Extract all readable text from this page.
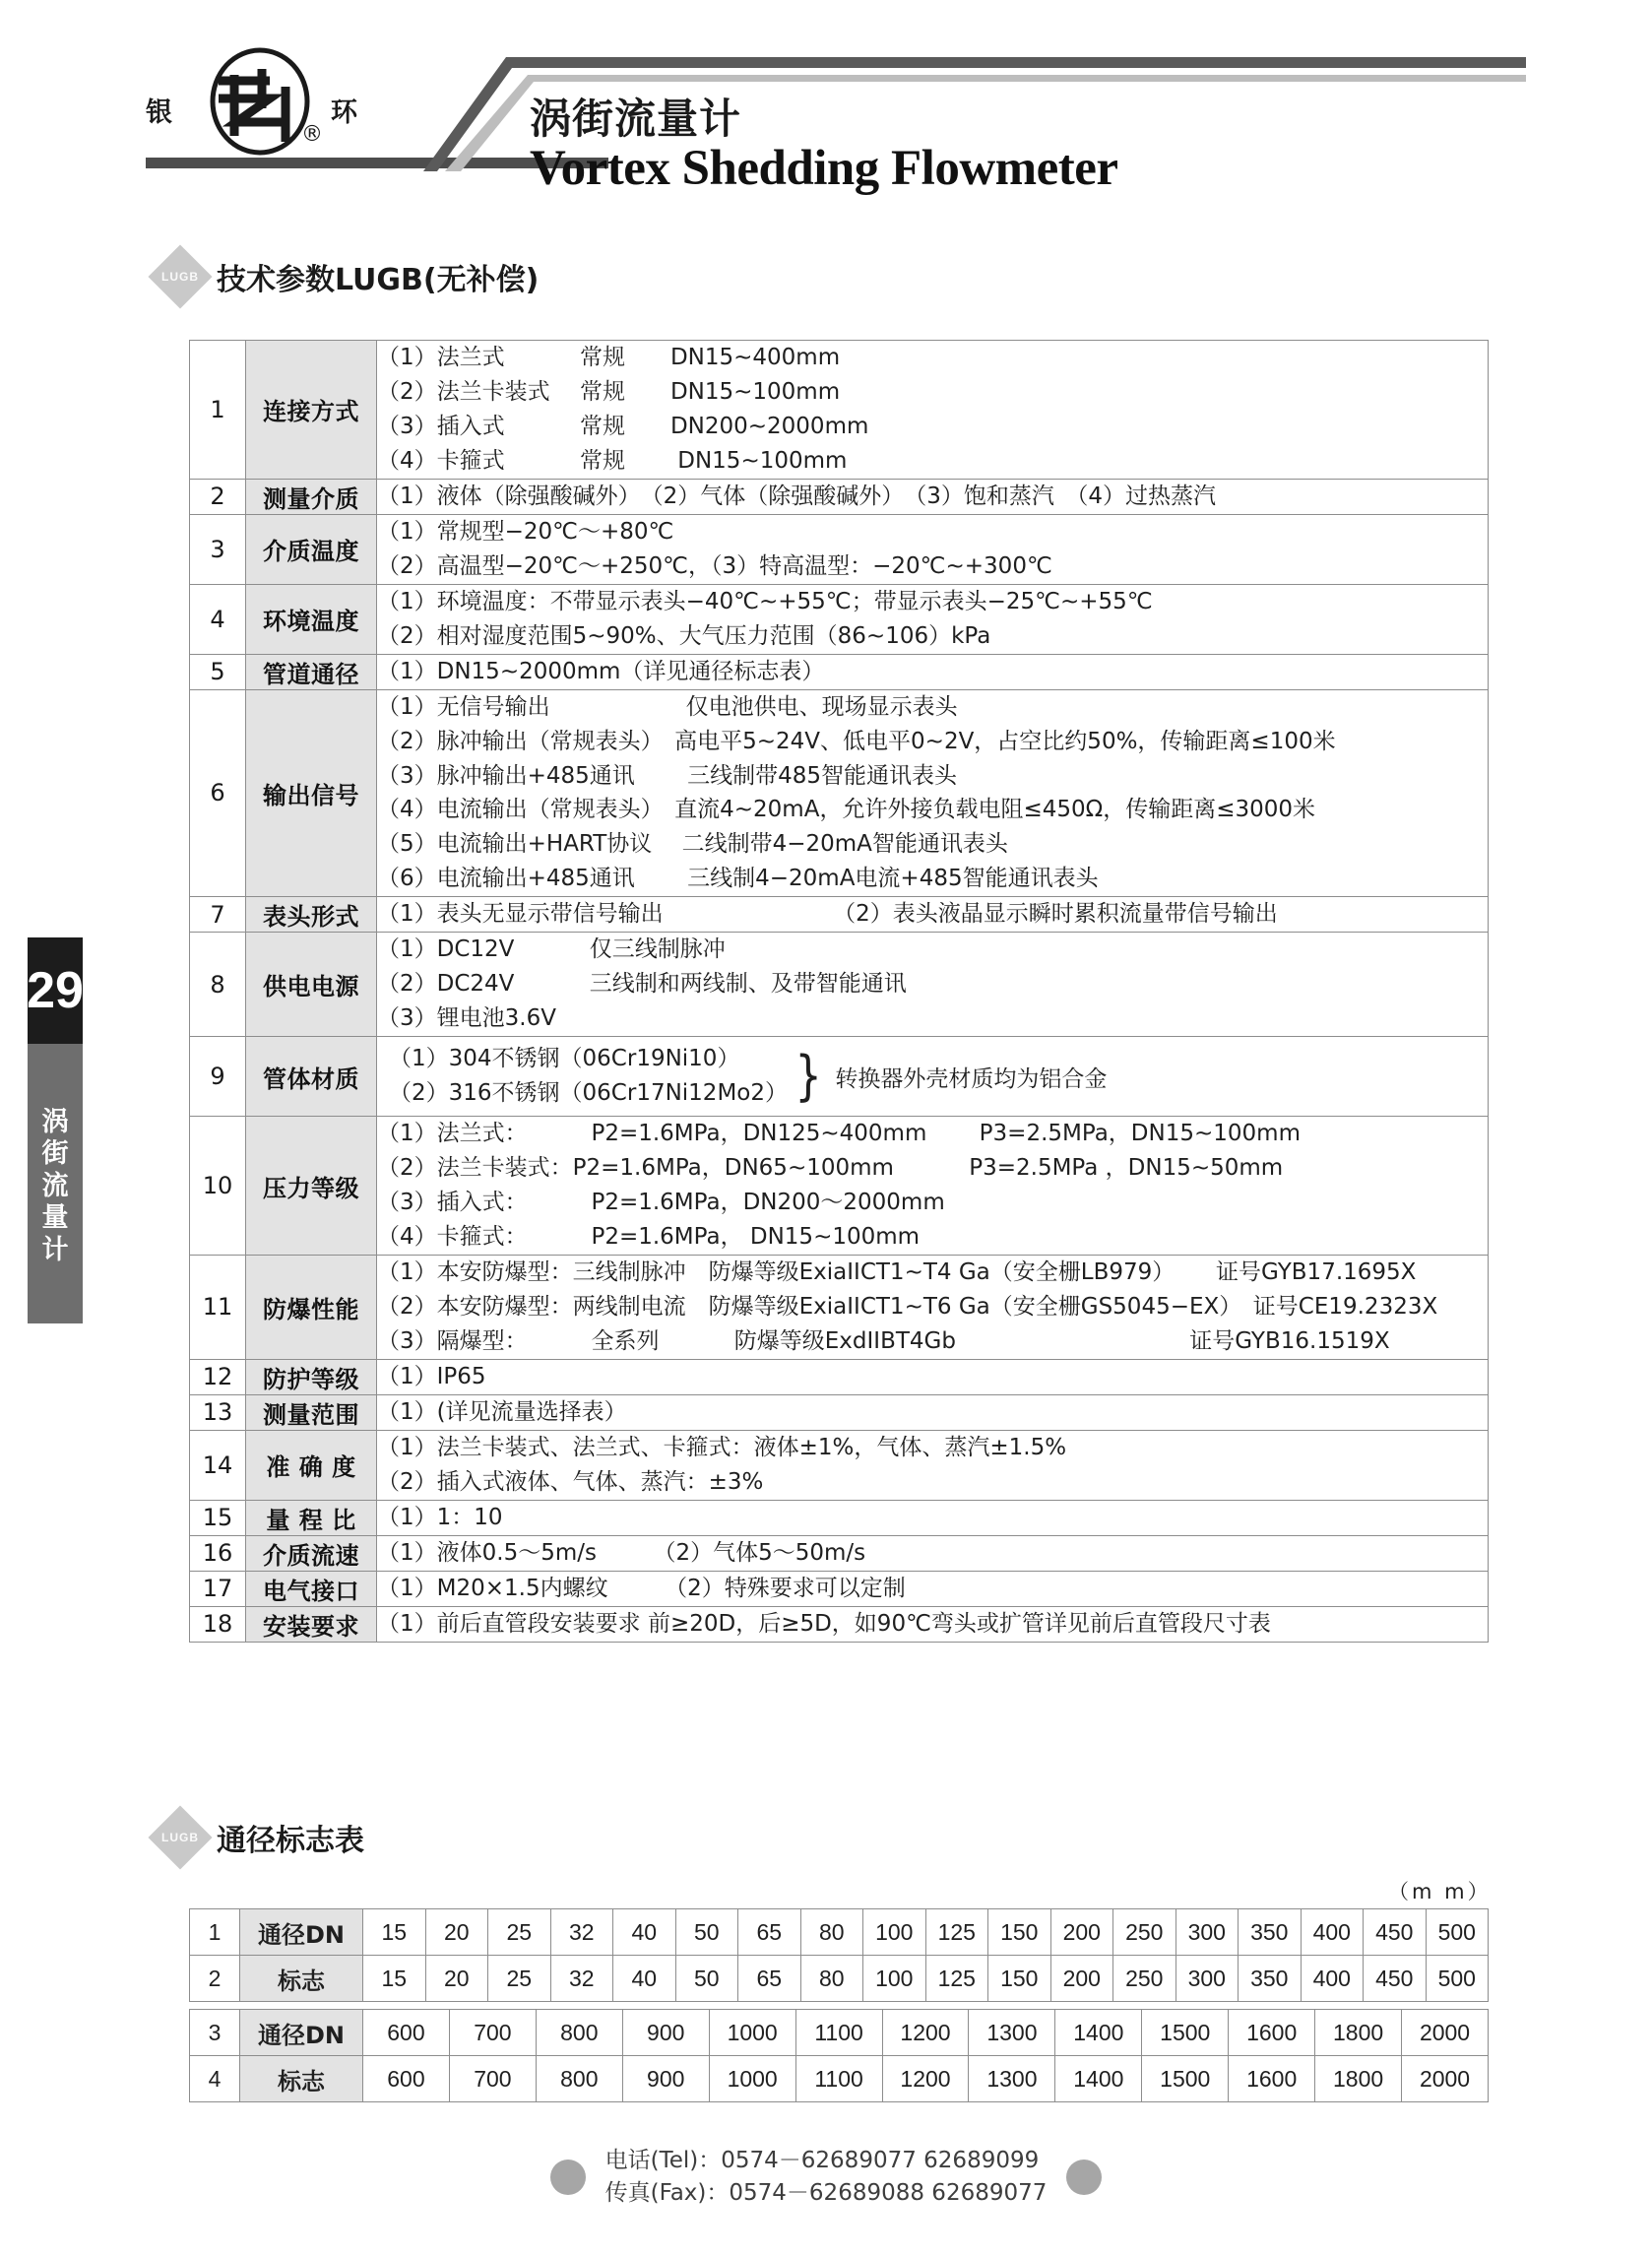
银
®
环	涡街流量计
Vortex Shedding Flowmeter
29
涡
街
流
量
计
LUGB 技术参数LUGB(无补偿)
1	连接方式	（1）法兰式　　　 常规　　DN15~400mm
（2）法兰卡装式　 常规　　DN15~100mm
（3）插入式　　　 常规　　DN200~2000mm
（4）卡箍式　　　 常规　　 DN15~100mm

2	测量介质	（1）液体（除强酸碱外）　（2）气体（除强酸碱外）　（3）饱和蒸汽　（4）过热蒸汽

3	介质温度	（1）常规型−20℃～+80℃
（2）高温型−20℃～+250℃，（3）特高温型：−20℃~+300℃

4	环境温度	（1）环境温度：不带显示表头−40℃~+55℃；带显示表头−25℃~+55℃
（2）相对湿度范围5~90%、大气压力范围（86~106）kPa

5	管道通径	（1）DN15~2000mm（详见通径标志表）

6	输出信号	
（1）无信号输出　　　　　　仅电池供电、现场显示表头
（2）脉冲输出（常规表头）　高电平5~24V、低电平0~2V，占空比约50%，传输距离≤100米
（3）脉冲输出+485通讯　　 三线制带485智能通讯表头
（4）电流输出（常规表头）　直流4~20mA，允许外接负载电阻≤450Ω，传输距离≤3000米
（5）电流输出+HART协议　 二线制带4−20mA智能通讯表头
（6）电流输出+485通讯　　 三线制4−20mA电流+485智能通讯表头

7	表头形式	（1）表头无显示带信号输出　　　　　　　　（2）表头液晶显示瞬时累积流量带信号输出

8	供电电源	（1）DC12V　　　 仅三线制脉冲
（2）DC24V　　　 三线制和两线制、及带智能通讯
（3）锂电池3.6V

9	管体材质	（1）304不锈钢（06Cr19Ni10）
（2）316不锈钢（06Cr17Ni12Mo2） } 转换器外壳材质均为铝合金

10	压力等级	（1）法兰式：　　　 P2=1.6MPa，DN125~400mm　　 P3=2.5MPa，DN15~100mm
（2）法兰卡装式：P2=1.6MPa，DN65~100mm　　　 P3=2.5MPa ，DN15~50mm
（3）插入式：　　　 P2=1.6MPa，DN200～2000mm
（4）卡箍式：　　　 P2=1.6MPa， DN15~100mm

11	防爆性能	（1）本安防爆型：三线制脉冲　防爆等级ExiaIICT1~T4 Ga（安全栅LB979）　　 证号GYB17.1695X
（2）本安防爆型：两线制电流　防爆等级ExiaIICT1~T6 Ga（安全栅GS5045−EX）　证号CE19.2323X
（3）隔爆型：　　　 全系列　　　 防爆等级ExdIIBT4Gb　　　　　　　　　　 证号GYB16.1519X

12	防护等级	（1）IP65

13	测量范围	（1）(详见流量选择表）

14	准 确 度	（1）法兰卡装式、法兰式、卡箍式：液体±1%，气体、蒸汽±1.5%
（2）插入式液体、气体、蒸汽：±3%

15	量 程 比	（1）1：10

16	介质流速	（1）液体0.5～5m/s　　　（2）气体5～50m/s

17	电气接口	（1）M20×1.5内螺纹　　　（2）特殊要求可以定制

18	安装要求	（1）前后直管段安装要求 前≥20D，后≥5D，如90℃弯头或扩管详见前后直管段尺寸表
LUGB 通径标志表
（m m）
1	通径DN	15	20	25	32	40	50	65	80	100	125	150	200	250	300	350	400	450	500
2	标志	15	20	25	32	40	50	65	80	100	125	150	200	250	300	350	400	450	500
3	通径DN	600	700	800	900	1000	1100	1200	1300	1400	1500	1600	1800	2000
4	标志	600	700	800	900	1000	1100	1200	1300	1400	1500	1600	1800	2000
电话(Tel)：0574－62689077 62689099
传真(Fax)：0574－62689088 62689077
